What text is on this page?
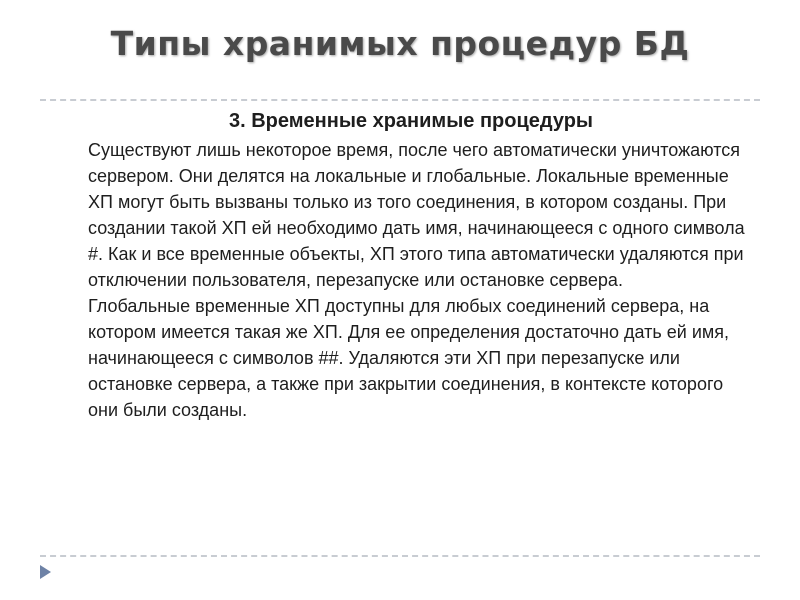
Типы хранимых процедур БД
3. Временные хранимые процедуры

Существуют лишь некоторое время, после чего автоматически уничтожаются сервером. Они делятся на локальные и глобальные. Локальные временные ХП могут быть вызваны только из того соединения, в котором созданы. При создании такой ХП ей необходимо дать имя, начинающееся с одного символа #. Как и все временные объекты, ХП этого типа автоматически удаляются при отключении пользователя, перезапуске или остановке сервера.

Глобальные временные ХП доступны для любых соединений сервера, на котором имеется такая же ХП. Для ее определения достаточно дать ей имя, начинающееся с символов ##. Удаляются эти ХП при перезапуске или остановке сервера, а также при закрытии соединения, в контексте которого они были созданы.
